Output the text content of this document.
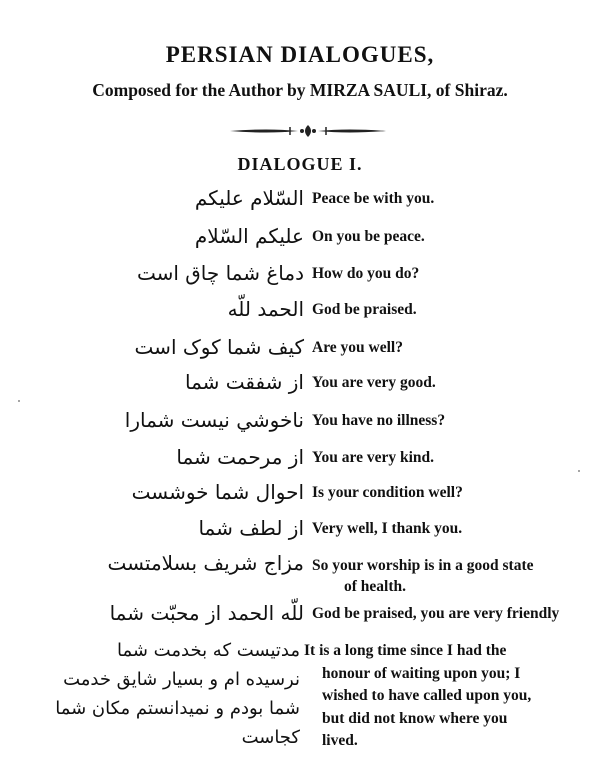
PERSIAN DIALOGUES,
Composed for the Author by MIRZA SAULI, of Shiraz.
DIALOGUE I.
السّلام عليكم Peace be with you.
عليكم السّلام On you be peace.
دماغ شما چاق است How do you do?
الحمد للّه God be praised.
كيف شما كوک است Are you well?
از شفقت شما You are very good.
ناخوشي نيست شمارا You have no illness?
از مرحمت شما You are very kind.
احوال شما خوشست Is your condition well?
از لطف شما Very well, I thank you.
مزاج شريف بسلامتست So your worship is in a good state
of health.
للّه الحمد از محبّت شما God be praised, you are very friendly
مدتيست كه بخدمت شما
نرسيده ام و بسيار شايق خدمت
شما بودم و نميدانستم مكان شما
كجاست
It is a long time since I had the
honour of waiting upon you; I
wished to have called upon you,
but did not know where you
lived.
